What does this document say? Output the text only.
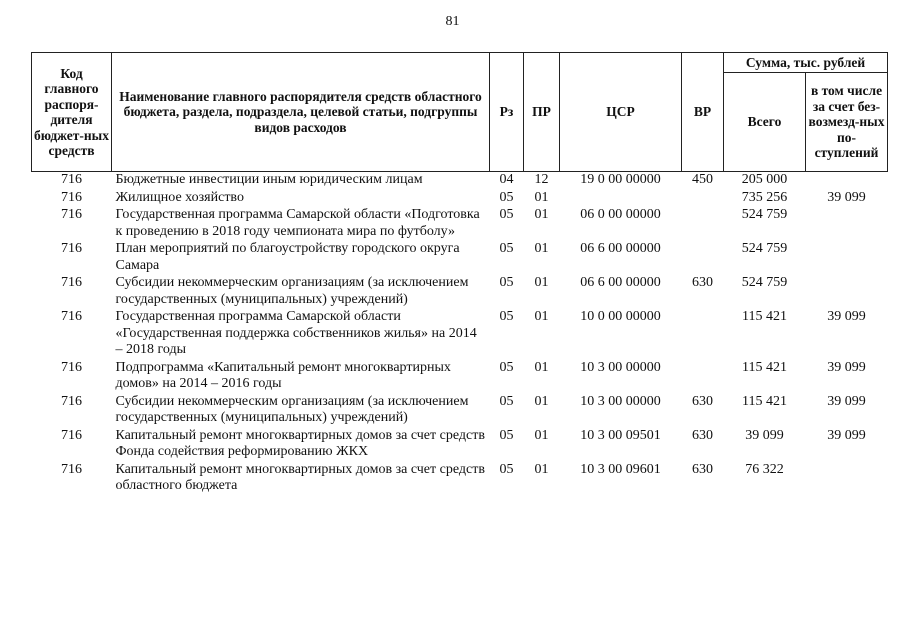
81
Код главного распоря-дителя бюджет-ных средств	Наименование главного распорядителя средств областного бюджета, раздела, подраздела, целевой статьи, подгруппы видов расходов	Рз	ПР	ЦСР	ВР	Сумма, тыс. рублей	
						Всего	в том числе за счет без-возмезд-ных по-ступлений
716	Бюджетные инвестиции иным юридическим лицам	04	12	19 0 00 00000	450	205 000	
716	Жилищное хозяйство	05	01			735 256	39 099
716	Государственная программа Самарской области «Подготовка к проведению в 2018 году чемпионата мира по футболу»	05	01	06 0 00 00000		524 759	
716	План мероприятий по благоустройству городского округа Самара	05	01	06 6 00 00000		524 759	
716	Субсидии некоммерческим организациям (за исключением государственных (муниципальных) учреждений)	05	01	06 6 00 00000	630	524 759	
716	Государственная программа Самарской области «Государственная поддержка собственников жилья» на 2014 – 2018 годы	05	01	10 0 00 00000		115 421	39 099
716	Подпрограмма «Капитальный ремонт многоквартирных домов» на 2014 – 2016 годы	05	01	10 3 00 00000		115 421	39 099
716	Субсидии некоммерческим организациям (за исключением государственных (муниципальных) учреждений)	05	01	10 3 00 00000	630	115 421	39 099
716	Капитальный ремонт многоквартирных домов за счет средств Фонда содействия реформированию ЖКХ	05	01	10 3 00 09501	630	39 099	39 099
716	Капитальный ремонт многоквартирных домов за счет средств областного бюджета	05	01	10 3 00 09601	630	76 322	
